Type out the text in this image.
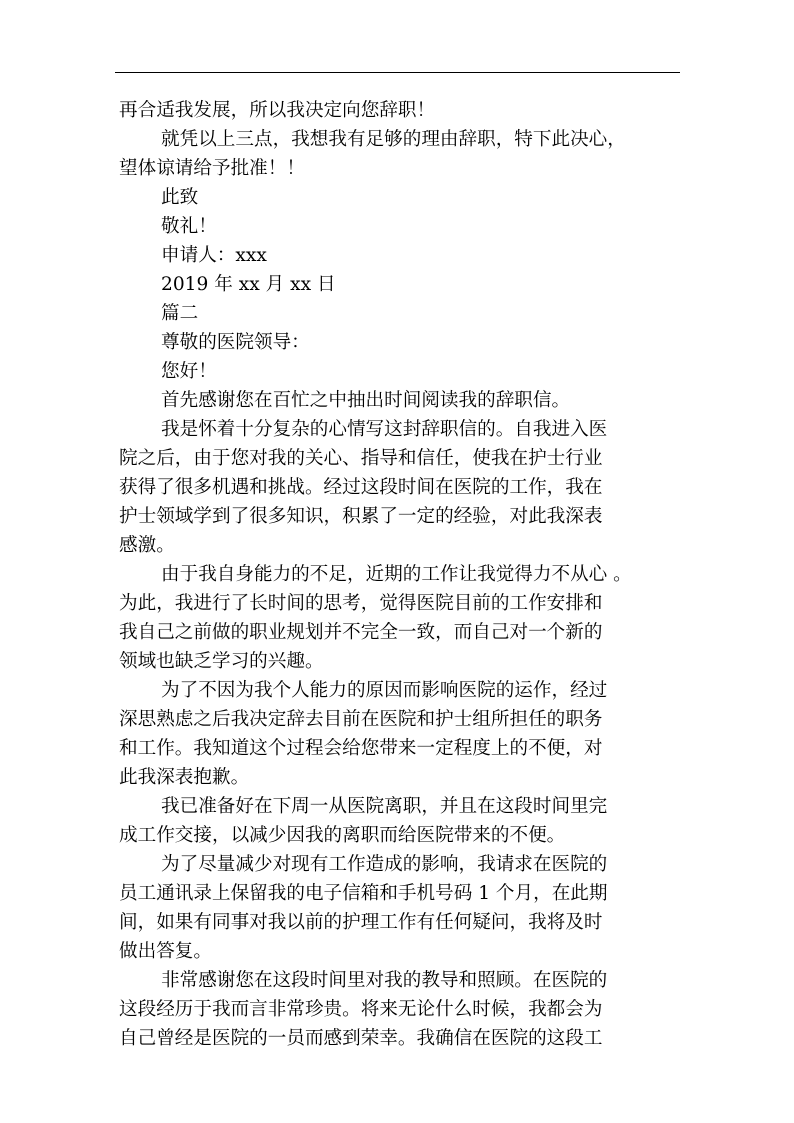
再合适我发展，所以我决定向您辞职！
就凭以上三点，我想我有足够的理由辞职，特下此决心，
望体谅请给予批准！！
此致
敬礼！
申请人：xxx
2019 年 xx 月 xx 日
篇二
尊敬的医院领导：
您好！
首先感谢您在百忙之中抽出时间阅读我的辞职信。
我是怀着十分复杂的心情写这封辞职信的。自我进入医
院之后，由于您对我的关心、指导和信任，使我在护士行业
获得了很多机遇和挑战。经过这段时间在医院的工作，我在
护士领域学到了很多知识，积累了一定的经验，对此我深表
感激。
由于我自身能力的不足，近期的工作让我觉得力不从心 。
为此，我进行了长时间的思考，觉得医院目前的工作安排和
我自己之前做的职业规划并不完全一致，而自己对一个新的
领域也缺乏学习的兴趣。
为了不因为我个人能力的原因而影响医院的运作，经过
深思熟虑之后我决定辞去目前在医院和护士组所担任的职务
和工作。我知道这个过程会给您带来一定程度上的不便，对
此我深表抱歉。
我已准备好在下周一从医院离职，并且在这段时间里完
成工作交接，以减少因我的离职而给医院带来的不便。
为了尽量减少对现有工作造成的影响，我请求在医院的
员工通讯录上保留我的电子信箱和手机号码 1 个月，在此期
间，如果有同事对我以前的护理工作有任何疑问，我将及时
做出答复。
非常感谢您在这段时间里对我的教导和照顾。在医院的
这段经历于我而言非常珍贵。将来无论什么时候，我都会为
自己曾经是医院的一员而感到荣幸。我确信在医院的这段工
